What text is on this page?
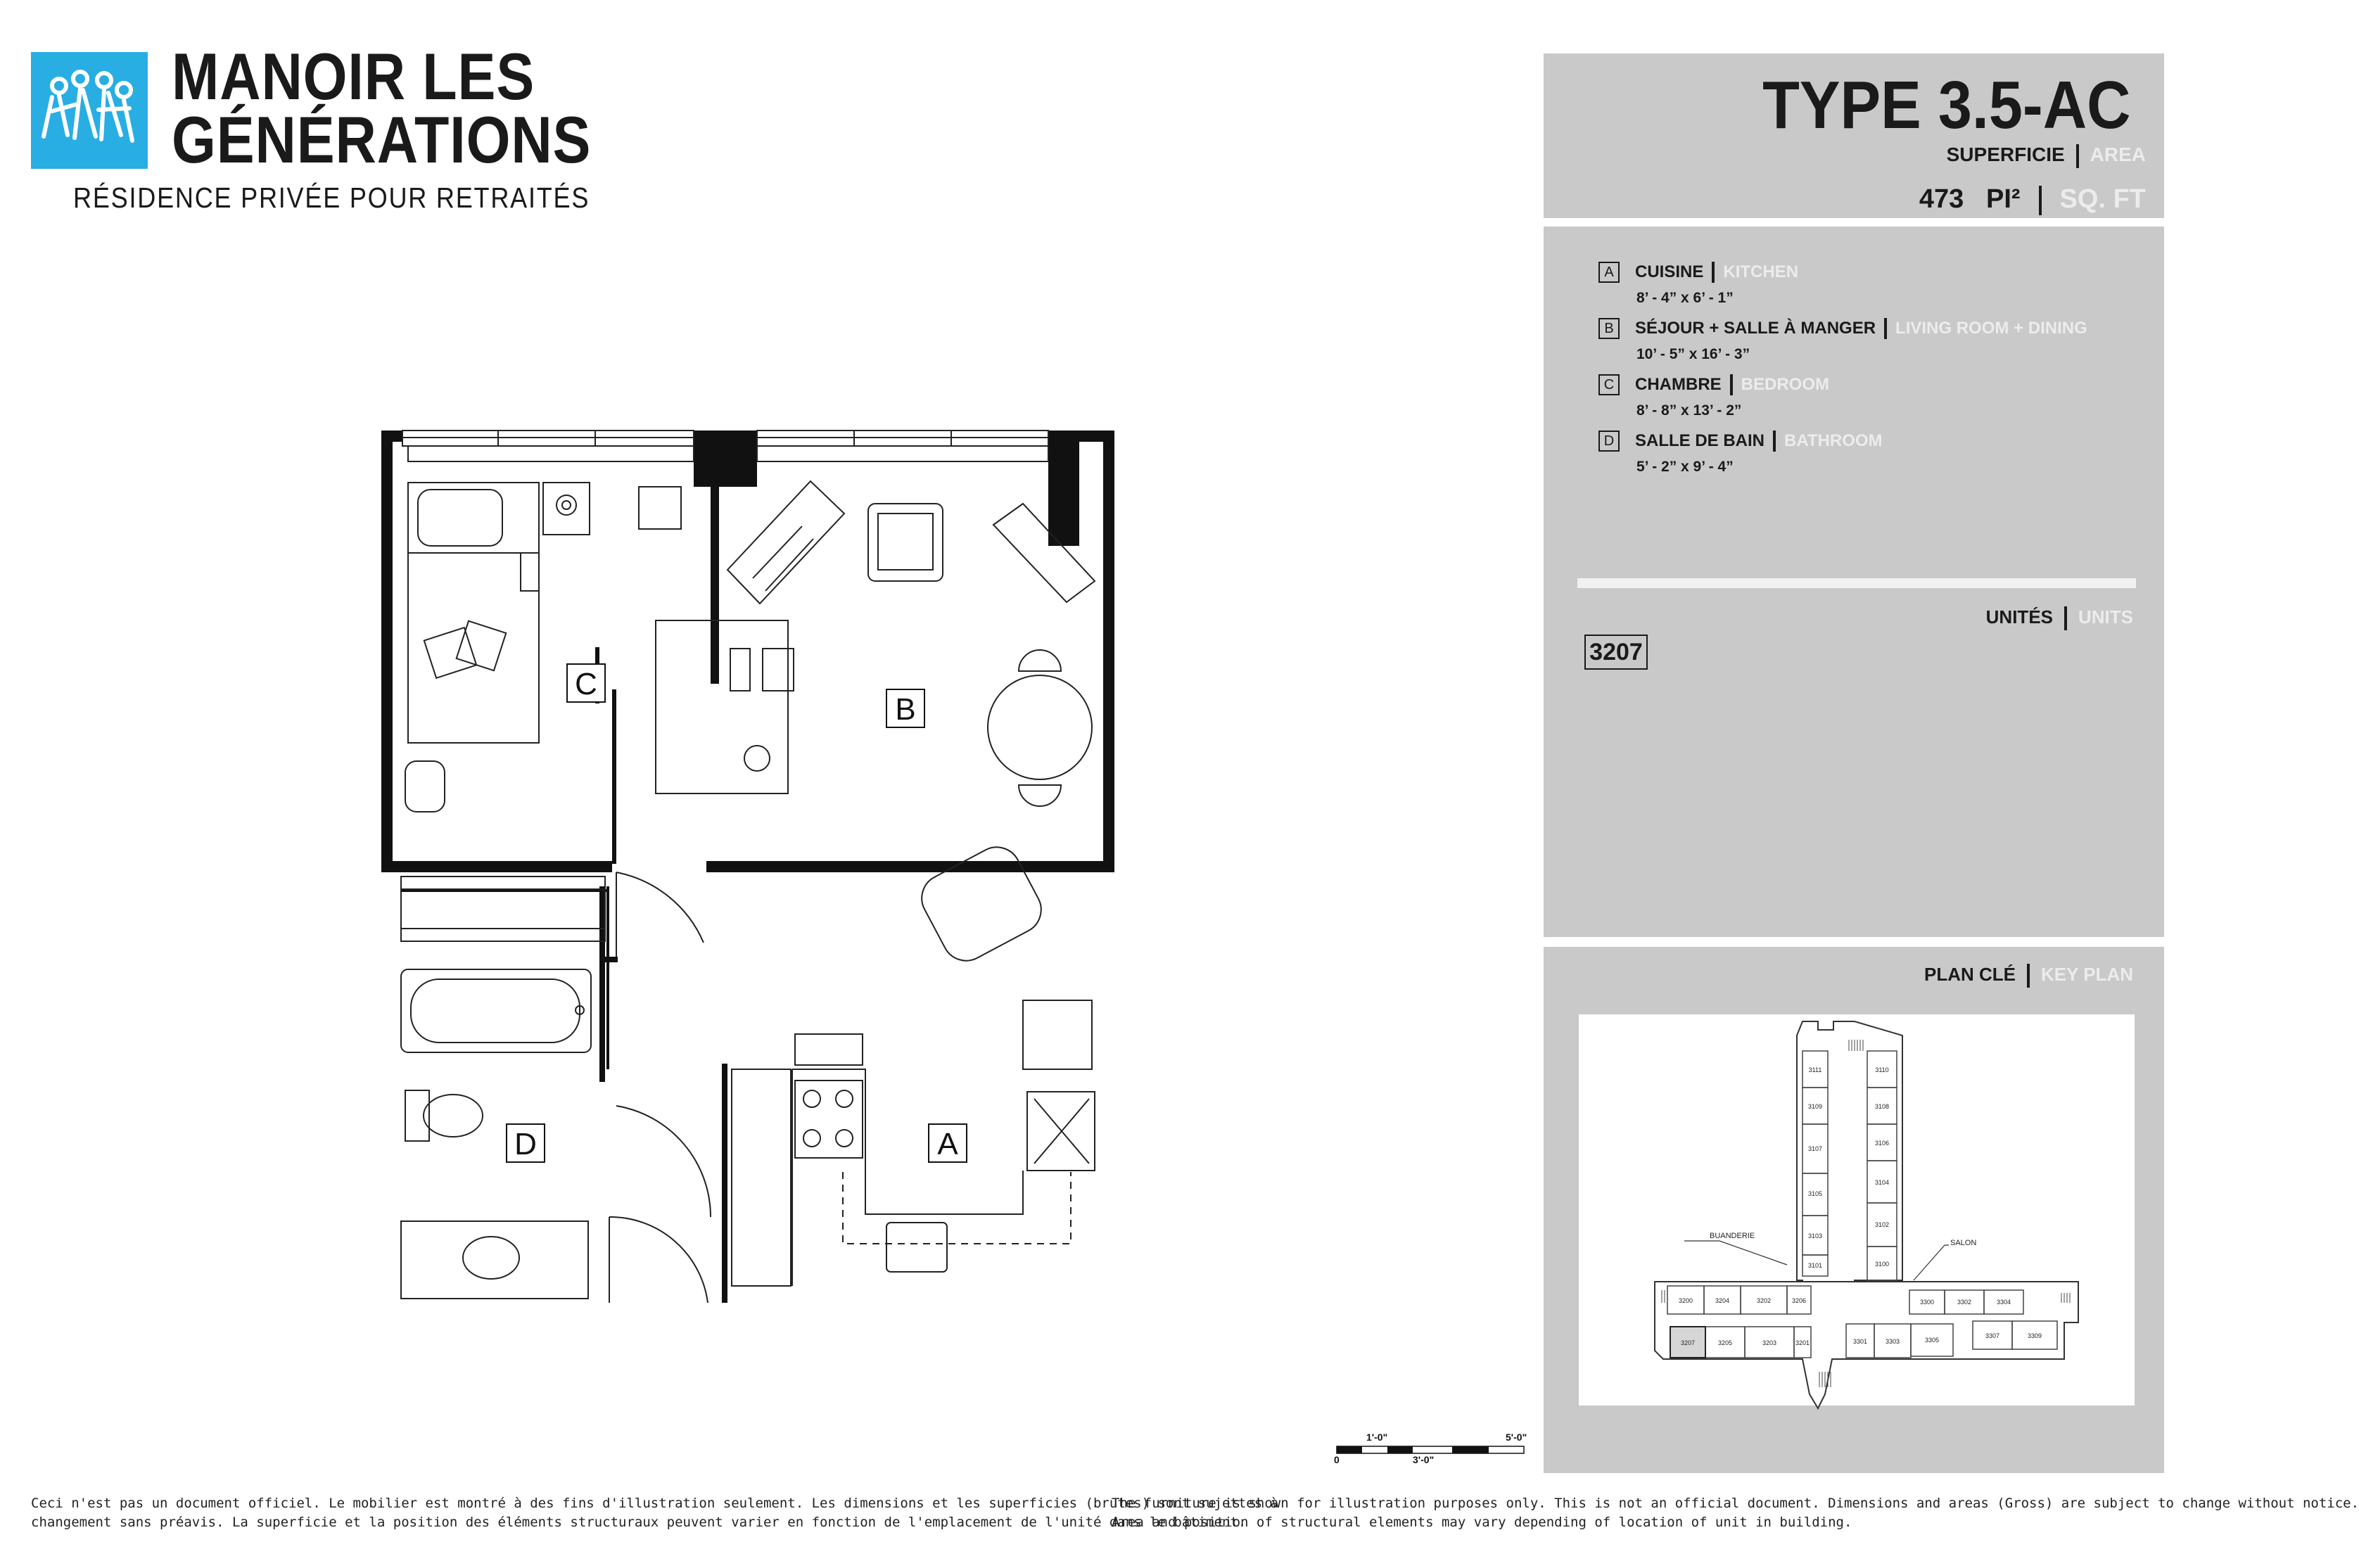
MANOIR LES
GÉNÉRATIONS
RÉSIDENCE PRIVÉE POUR RETRAITÉS
TYPE 3.5-AC
SUPERFICIE AREA
473 PI² SQ. FT
A CUISINE KITCHEN
8’ - 4” x 6’ - 1”
B SÉJOUR + SALLE À MANGER LIVING ROOM + DINING
10’ - 5” x 16’ - 3”
C CHAMBRE BEDROOM
8’ - 8” x 13’ - 2”
D SALLE DE BAIN BATHROOM
5’ - 2” x 9’ - 4”
UNITÉS UNITS
3207
PLAN CLÉ KEY PLAN
BUANDERIE
SALON
3111	3110
3109	3108
3107
3106
3105
3104
3103
3102
3101	3100
3206
3204	3202
3200	3300	3302	3304
3207	3205	3203	3201	3301	3303	3305
3307	3309
C
B
D	A
1'-0"	5'-0"
0	3'-0"
Ceci n'est pas un document officiel. Le mobilier est montré à des fins d'illustration seulement. Les dimensions et les superficies (brutes) sont sujettes à
changement sans préavis. La superficie et la position des éléments structuraux peuvent varier en fonction de l'emplacement de l'unité dans le bâtiment.
The furniture is shown for illustration purposes only. This is not an official document. Dimensions and areas (Gross) are subject to change without notice.
Area and position of structural elements may vary depending of location of unit in building.
